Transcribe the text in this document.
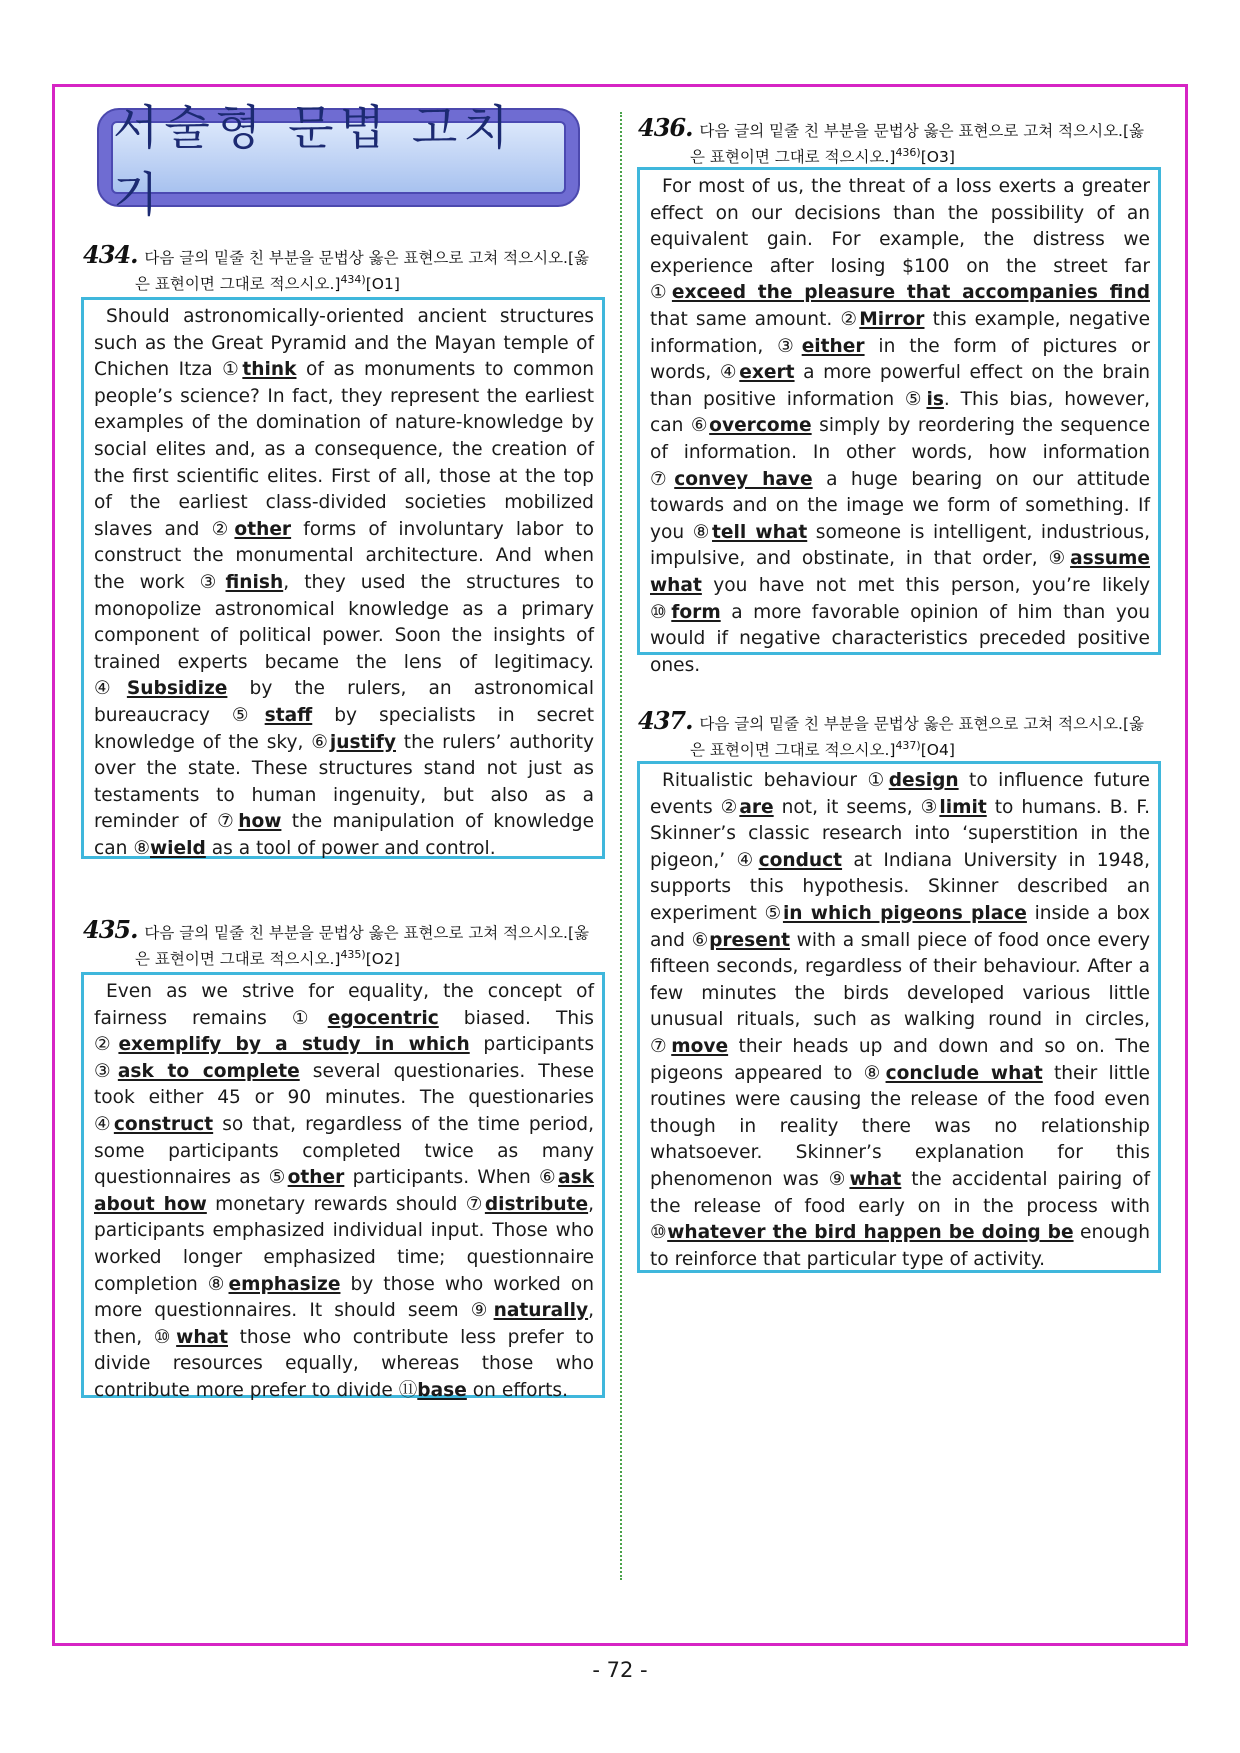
서술형 문법 고치기
434. 다음 글의 밑줄 친 부분을 문법상 옳은 표현으로 고쳐 적으시오.[옳
은 표현이면 그대로 적으시오.]$^{434)}$[O1]

Should astronomically-oriented ancient structures such as the Great Pyramid and the Mayan temple of Chichen Itza ①think of as monuments to common people’s science? In fact, they represent the earliest examples of the domination of nature-knowledge by social elites and, as a consequence, the creation of the first scientific elites. First of all, those at the top of the earliest class-divided societies mobilized slaves and ②other forms of involuntary labor to construct the monumental architecture. And when the work ③finish, they used the structures to monopolize astronomical knowledge as a primary component of political power. Soon the insights of trained experts became the lens of legitimacy. ④Subsidize by the rulers, an astronomical bureaucracy ⑤staff by specialists in secret knowledge of the sky, ⑥justify the rulers’ authority over the state. These structures stand not just as testaments to human ingenuity, but also as a reminder of ⑦how the manipulation of knowledge can ⑧wield as a tool of power and control.

435. 다음 글의 밑줄 친 부분을 문법상 옳은 표현으로 고쳐 적으시오.[옳
은 표현이면 그대로 적으시오.]$^{435)}$[O2]

Even as we strive for equality, the concept of fairness remains ①egocentric biased. This ②exemplify by a study in which participants ③ask to complete several questionaries. These took either 45 or 90 minutes. The questionaries ④construct so that, regardless of the time period, some participants completed twice as many questionnaires as ⑤other participants. When ⑥ask about how monetary rewards should ⑦distribute, participants emphasized individual input. Those who worked longer emphasized time; questionnaire completion ⑧emphasize by those who worked on more questionnaires. It should seem ⑨naturally, then, ⑩what those who contribute less prefer to divide resources equally, whereas those who contribute more prefer to divide ⑪base on efforts.

436. 다음 글의 밑줄 친 부분을 문법상 옳은 표현으로 고쳐 적으시오.[옳
은 표현이면 그대로 적으시오.]$^{436)}$[O3]

For most of us, the threat of a loss exerts a greater effect on our decisions than the possibility of an equivalent gain. For example, the distress we experience after losing $100 on the street far ①exceed the pleasure that accompanies find that same amount. ②Mirror this example, negative information, ③either in the form of pictures or words, ④exert a more powerful effect on the brain than positive information ⑤is. This bias, however, can ⑥overcome simply by reordering the sequence of information. In other words, how information ⑦convey have a huge bearing on our attitude towards and on the image we form of something. If you ⑧tell what someone is intelligent, industrious, impulsive, and obstinate, in that order, ⑨assume what you have not met this person, you’re likely ⑩form a more favorable opinion of him than you would if negative characteristics preceded positive ones.

437. 다음 글의 밑줄 친 부분을 문법상 옳은 표현으로 고쳐 적으시오.[옳
은 표현이면 그대로 적으시오.]$^{437)}$[O4]

Ritualistic behaviour ①design to influence future events ②are not, it seems, ③limit to humans. B. F. Skinner’s classic research into ‘superstition in the pigeon,’ ④conduct at Indiana University in 1948, supports this hypothesis. Skinner described an experiment ⑤in which pigeons place inside a box and ⑥present with a small piece of food once every fifteen seconds, regardless of their behaviour. After a few minutes the birds developed various little unusual rituals, such as walking round in circles, ⑦move their heads up and down and so on. The pigeons appeared to ⑧conclude what their little routines were causing the release of the food even though in reality there was no relationship whatsoever. Skinner’s explanation for this phenomenon was ⑨what the accidental pairing of the release of food early on in the process with ⑩whatever the bird happen be doing be enough to reinforce that particular type of activity.

- 72 -
